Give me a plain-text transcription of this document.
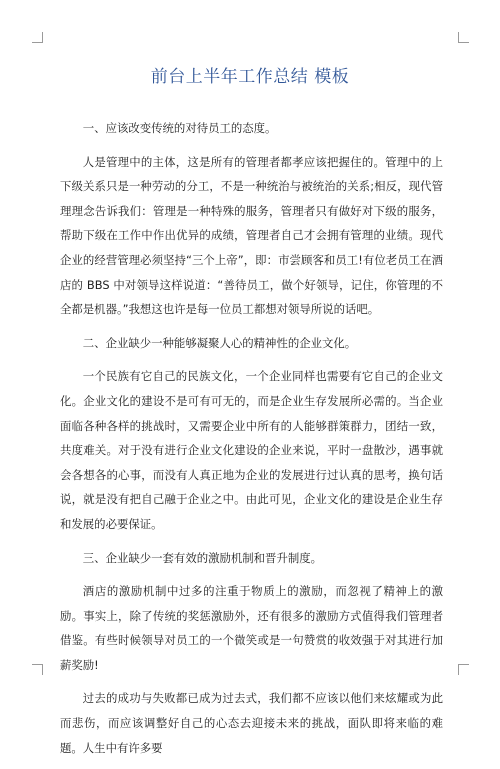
前台上半年工作总结 模板

一、应该改变传统的对待员工的态度。

人是管理中的主体，这是所有的管理者都孝应该把握住的。管理中的上下级关系只是一种劳动的分工，不是一种统治与被统治的关系;相反，现代管理理念告诉我们：管理是一种特殊的服务，管理者只有做好对下级的服务，帮助下级在工作中作出优异的成绩，管理者自己才会拥有管理的业绩。现代企业的经营管理必须坚持“三个上帝”，即：市尝顾客和员工!有位老员工在酒店的 BBS 中对领导这样说道：“善待员工，做个好领导，记住，你管理的不全都是机器。”我想这也许是每一位员工都想对领导所说的话吧。

二、企业缺少一种能够凝聚人心的精神性的企业文化。

一个民族有它自己的民族文化，一个企业同样也需要有它自己的企业文化。企业文化的建设不是可有可无的，而是企业生存发展所必需的。当企业面临各种各样的挑战时，又需要企业中所有的人能够群策群力，团结一致，共度难关。对于没有进行企业文化建设的企业来说，平时一盘散沙，遇事就会各想各的心事，而没有人真正地为企业的发展进行过认真的思考，换句话说，就是没有把自己融于企业之中。由此可见，企业文化的建设是企业生存和发展的必要保证。

三、企业缺少一套有效的激励机制和晋升制度。

酒店的激励机制中过多的注重于物质上的激励，而忽视了精神上的激励。事实上，除了传统的奖惩激励外，还有很多的激励方式值得我们管理者借鉴。有些时候领导对员工的一个微笑或是一句赞赏的收效强于对其进行加薪奖励!

过去的成功与失败都已成为过去式，我们都不应该以他们来炫耀或为此而悲伤，而应该调整好自己的心态去迎接未来的挑战，面队即将来临的难题。人生中有许多要
